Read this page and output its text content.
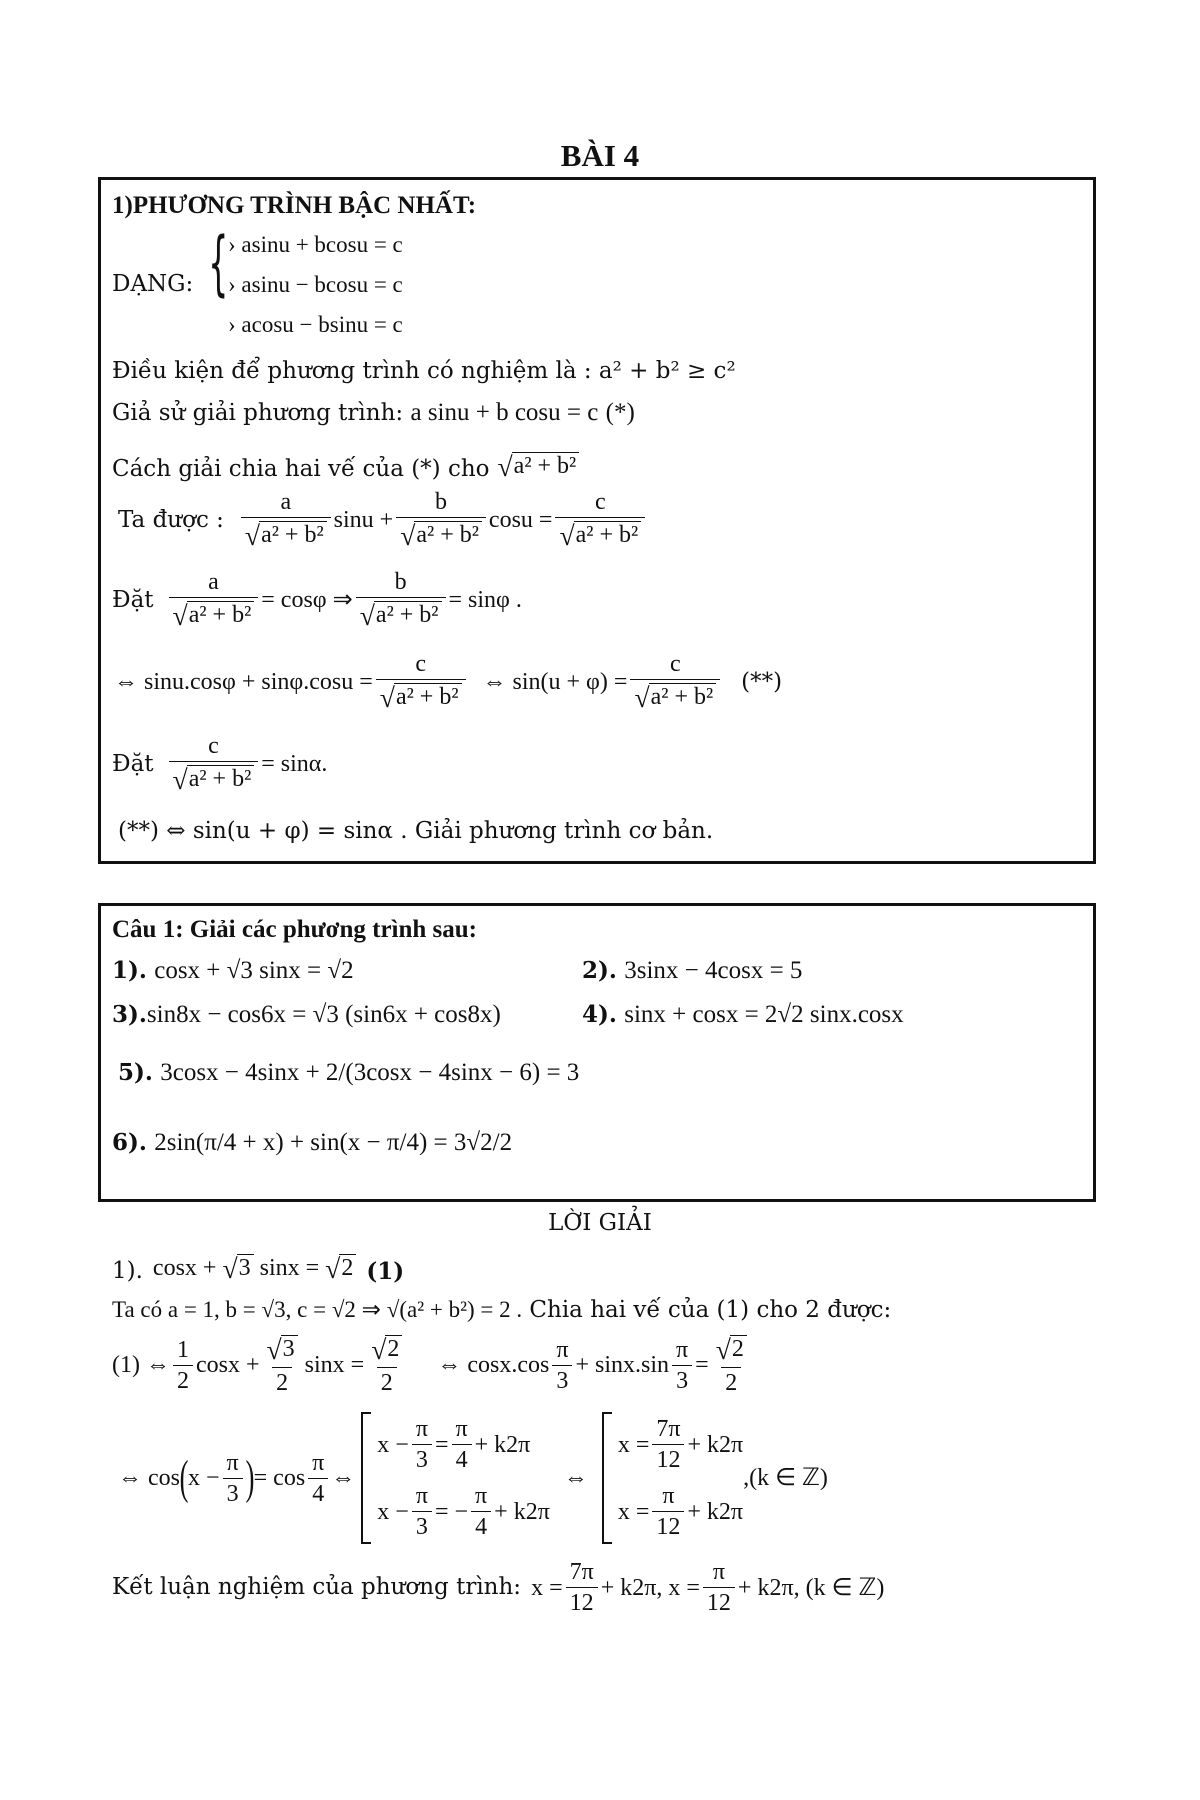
BÀI 4
1)PHƯƠNG TRÌNH BẬC NHẤT:
DẠNG: { › asinu + bcosu = c
› asinu − bcosu = c
› acosu − bsinu = c
Điều kiện để phương trình có nghiệm là : a² + b² ≥ c²
Giả sử giải phương trình: a sinu + b cosu = c (*)
Cách giải chia hai vế của (*) cho √ a² + b²
Ta được : $\frac{a}{\text{√ a² + b²}}$ $\sin u + \frac{b}{\text{√ a² + b²}}$ $\cos u = \frac{c}{\text{√ a² + b²}}$
Đặt $\frac{a}{\text{√ a² + b²}} = \cos\varphi$ ⇒ $\frac{b}{\text{√ a² + b²}} = \sin\varphi$ .
⇔ $\sin u.\cos\varphi + \sin\varphi.\cos u = \frac{c}{\text{√ a² + b²}}$ ⇔ $\sin(u + \varphi) = \frac{c}{\text{√ a² + b²}}$ (**)
Đặt $\frac{c}{\text{√ a² + b²}} = \sin\alpha$.
(**) ⇔ sin(u + φ) = sinα . Giải phương trình cơ bản.
Câu 1: Giải các phương trình sau:
1). cosx + √3 sinx = √2	2). 3sinx − 4cosx = 5
3).sin8x − cos6x = √3 (sin6x + cos8x)	4). sinx + cosx = 2√2 sinx.cosx
5). 3cosx − 4sinx + 2/(3cosx − 4sinx − 6) = 3
6). 2sin(π/4 + x) + sin(x − π/4) = 3√2/2
LỜI GIẢI
1). cosx + √ 3 sinx = √ 2 (1)
Ta có a = 1, b = √3, c = √2 ⇒ √(a² + b²) = 2 . Chia hai vế của (1) cho 2 được:
(1) ⇔ $\frac{1}{2}$ $\cos x + \frac{√ 3}{2}$ $\sin x = \frac{√ 2}{2}$ ⇔ $\cos x.\cos \frac{\pi}{3} + \sin x.\sin \frac{\pi}{3} = \frac{√ 2}{2}$
⇔ cos ( $x - \frac{\pi}{3}$ ) = $\cos \frac{\pi}{4}$ ⇔
$x - \frac{\pi}{3} = \frac{\pi}{4} + k2\pi$
$x - \frac{\pi}{3}$ = − $\frac{\pi}{4} + k2\pi$
⇔
$x = \frac{7\pi}{12} + k2\pi$
$x = \frac{\pi}{12} + k2\pi$
,(k ∈ ℤ)
Kết luận nghiệm của phương trình: $x = \frac{7\pi}{12} + k2\pi$, $x = \frac{\pi}{12} + k2\pi$, (k ∈ ℤ)
